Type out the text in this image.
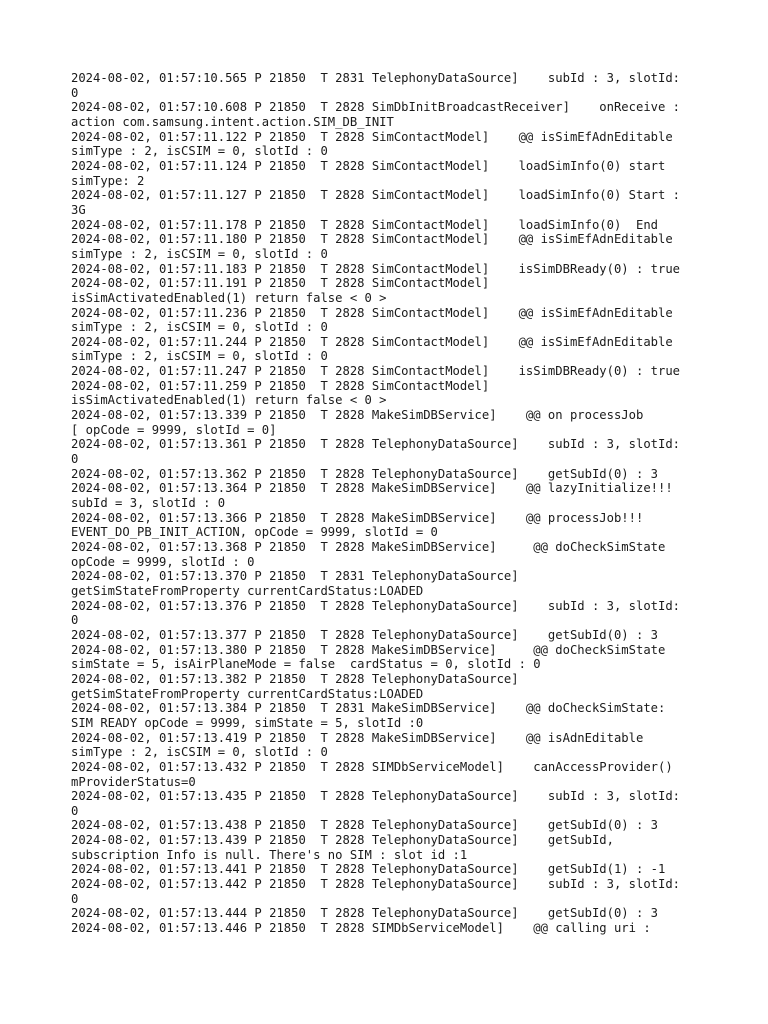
2024-08-02, 01:57:10.565 P 21850  T 2831 TelephonyDataSource]    subId : 3, slotId:
0
2024-08-02, 01:57:10.608 P 21850  T 2828 SimDbInitBroadcastReceiver]    onReceive :
action com.samsung.intent.action.SIM_DB_INIT
2024-08-02, 01:57:11.122 P 21850  T 2828 SimContactModel]    @@ isSimEfAdnEditable
simType : 2, isCSIM = 0, slotId : 0
2024-08-02, 01:57:11.124 P 21850  T 2828 SimContactModel]    loadSimInfo(0) start
simType: 2
2024-08-02, 01:57:11.127 P 21850  T 2828 SimContactModel]    loadSimInfo(0) Start :
3G
2024-08-02, 01:57:11.178 P 21850  T 2828 SimContactModel]    loadSimInfo(0)  End
2024-08-02, 01:57:11.180 P 21850  T 2828 SimContactModel]    @@ isSimEfAdnEditable
simType : 2, isCSIM = 0, slotId : 0
2024-08-02, 01:57:11.183 P 21850  T 2828 SimContactModel]    isSimDBReady(0) : true
2024-08-02, 01:57:11.191 P 21850  T 2828 SimContactModel]
isSimActivatedEnabled(1) return false < 0 >
2024-08-02, 01:57:11.236 P 21850  T 2828 SimContactModel]    @@ isSimEfAdnEditable
simType : 2, isCSIM = 0, slotId : 0
2024-08-02, 01:57:11.244 P 21850  T 2828 SimContactModel]    @@ isSimEfAdnEditable
simType : 2, isCSIM = 0, slotId : 0
2024-08-02, 01:57:11.247 P 21850  T 2828 SimContactModel]    isSimDBReady(0) : true
2024-08-02, 01:57:11.259 P 21850  T 2828 SimContactModel]
isSimActivatedEnabled(1) return false < 0 >
2024-08-02, 01:57:13.339 P 21850  T 2828 MakeSimDBService]    @@ on processJob
[ opCode = 9999, slotId = 0]
2024-08-02, 01:57:13.361 P 21850  T 2828 TelephonyDataSource]    subId : 3, slotId:
0
2024-08-02, 01:57:13.362 P 21850  T 2828 TelephonyDataSource]    getSubId(0) : 3
2024-08-02, 01:57:13.364 P 21850  T 2828 MakeSimDBService]    @@ lazyInitialize!!!
subId = 3, slotId : 0
2024-08-02, 01:57:13.366 P 21850  T 2828 MakeSimDBService]    @@ processJob!!!
EVENT_DO_PB_INIT_ACTION, opCode = 9999, slotId = 0
2024-08-02, 01:57:13.368 P 21850  T 2828 MakeSimDBService]     @@ doCheckSimState
opCode = 9999, slotId : 0
2024-08-02, 01:57:13.370 P 21850  T 2831 TelephonyDataSource]
getSimStateFromProperty currentCardStatus:LOADED
2024-08-02, 01:57:13.376 P 21850  T 2828 TelephonyDataSource]    subId : 3, slotId:
0
2024-08-02, 01:57:13.377 P 21850  T 2828 TelephonyDataSource]    getSubId(0) : 3
2024-08-02, 01:57:13.380 P 21850  T 2828 MakeSimDBService]     @@ doCheckSimState
simState = 5, isAirPlaneMode = false  cardStatus = 0, slotId : 0
2024-08-02, 01:57:13.382 P 21850  T 2828 TelephonyDataSource]
getSimStateFromProperty currentCardStatus:LOADED
2024-08-02, 01:57:13.384 P 21850  T 2831 MakeSimDBService]    @@ doCheckSimState:
SIM READY opCode = 9999, simState = 5, slotId :0
2024-08-02, 01:57:13.419 P 21850  T 2828 MakeSimDBService]    @@ isAdnEditable
simType : 2, isCSIM = 0, slotId : 0
2024-08-02, 01:57:13.432 P 21850  T 2828 SIMDbServiceModel]    canAccessProvider()
mProviderStatus=0
2024-08-02, 01:57:13.435 P 21850  T 2828 TelephonyDataSource]    subId : 3, slotId:
0
2024-08-02, 01:57:13.438 P 21850  T 2828 TelephonyDataSource]    getSubId(0) : 3
2024-08-02, 01:57:13.439 P 21850  T 2828 TelephonyDataSource]    getSubId,
subscription Info is null. There's no SIM : slot id :1
2024-08-02, 01:57:13.441 P 21850  T 2828 TelephonyDataSource]    getSubId(1) : -1
2024-08-02, 01:57:13.442 P 21850  T 2828 TelephonyDataSource]    subId : 3, slotId:
0
2024-08-02, 01:57:13.444 P 21850  T 2828 TelephonyDataSource]    getSubId(0) : 3
2024-08-02, 01:57:13.446 P 21850  T 2828 SIMDbServiceModel]    @@ calling uri :
